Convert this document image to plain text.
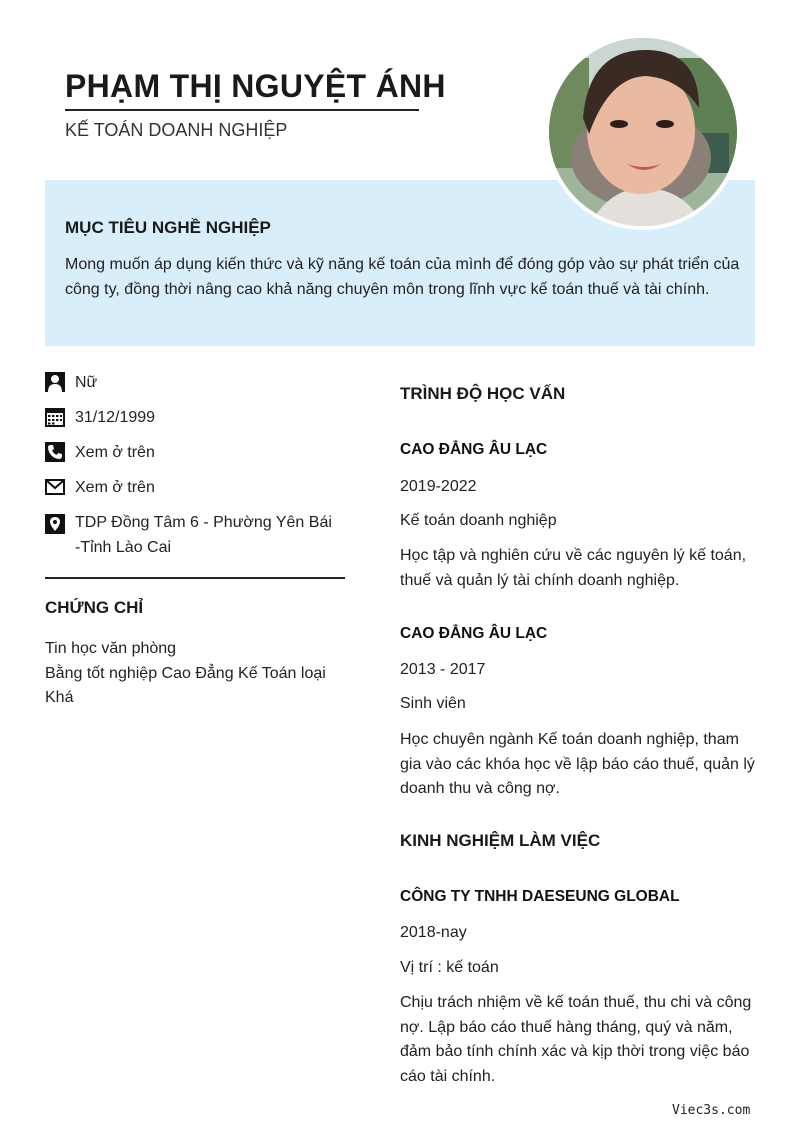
PHẠM THỊ NGUYỆT ÁNH
KẾ TOÁN DOANH NGHIỆP
MỤC TIÊU NGHỀ NGHIỆP
Mong muốn áp dụng kiến thức và kỹ năng kế toán của mình để đóng góp vào sự phát triển của công ty, đồng thời nâng cao khả năng chuyên môn trong lĩnh vực kế toán thuế và tài chính.
Nữ
31/12/1999
Xem ở trên
Xem ở trên
TDP Đồng Tâm 6 - Phường Yên Bái -Tỉnh Lào Cai
CHỨNG CHỈ
Tin học văn phòng
Bằng tốt nghiệp Cao Đẳng Kế Toán loại Khá
TRÌNH ĐỘ HỌC VẤN
CAO ĐẲNG ÂU LẠC
2019-2022
Kế toán doanh nghiệp
Học tập và nghiên cứu về các nguyên lý kế toán, thuế và quản lý tài chính doanh nghiệp.
CAO ĐẲNG ÂU LẠC
2013 - 2017
Sinh viên
Học chuyên ngành Kế toán doanh nghiệp, tham gia vào các khóa học về lập báo cáo thuế, quản lý doanh thu và công nợ.
KINH NGHIỆM LÀM VIỆC
CÔNG TY TNHH DAESEUNG GLOBAL
2018-nay
Vị trí : kế toán
Chịu trách nhiệm về kế toán thuế, thu chi và công nợ. Lập báo cáo thuế hàng tháng, quý và năm, đảm bảo tính chính xác và kịp thời trong việc báo cáo tài chính.
Viec3s.com
